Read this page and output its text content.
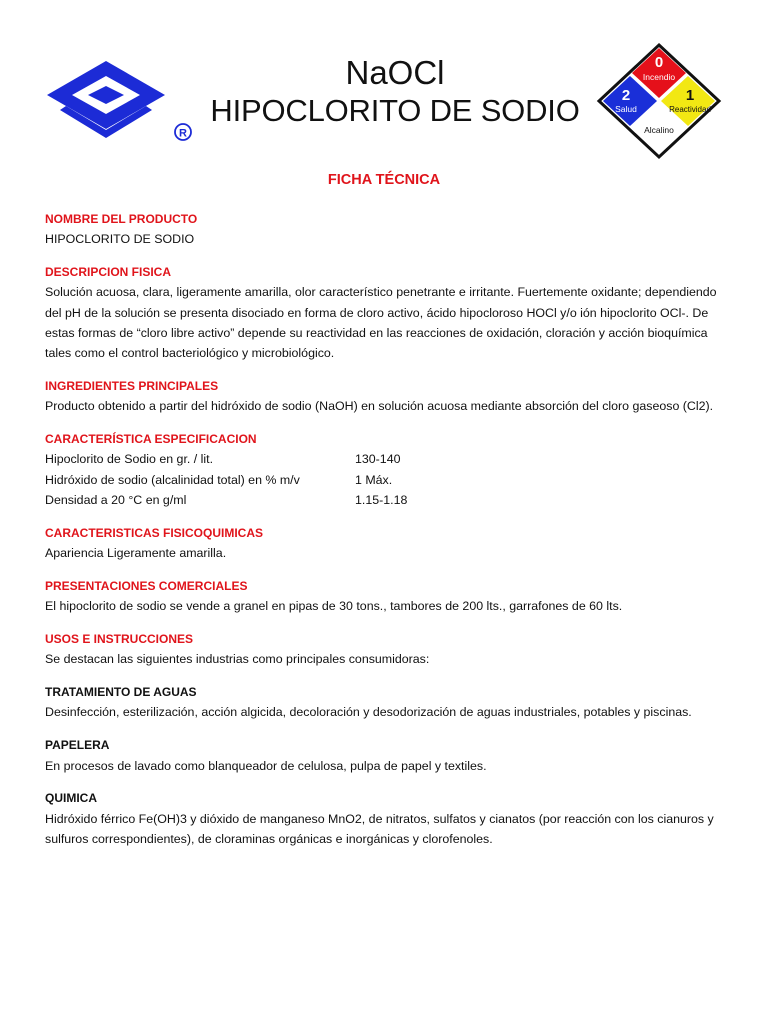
R
NaOCl
HIPOCLORITO DE SODIO
0
Incendio
2
Salud
1
Reactividad
Alcalino
FICHA TÉCNICA
NOMBRE DEL PRODUCTO
HIPOCLORITO DE SODIO
DESCRIPCION FISICA
Solución acuosa, clara, ligeramente amarilla, olor característico penetrante e irritante. Fuertemente oxidante; dependiendo del pH de la solución se presenta disociado en forma de cloro activo, ácido hipocloroso HOCl y/o ión hipoclorito OCl-. De estas formas de “cloro libre activo” depende su reactividad en las reacciones de oxidación, cloración y acción bioquímica tales como el control bacteriológico y microbiológico.
INGREDIENTES PRINCIPALES
Producto obtenido a partir del hidróxido de sodio (NaOH) en solución acuosa mediante absorción del cloro gaseoso (Cl2).
CARACTERÍSTICA ESPECIFICACION
Hipoclorito de Sodio en gr. / lit.	130-140
Hidróxido de sodio (alcalinidad total) en % m/v	1 Máx.
Densidad a 20 °C en g/ml	1.15-1.18
CARACTERISTICAS FISICOQUIMICAS
Apariencia Ligeramente amarilla.
PRESENTACIONES COMERCIALES
El hipoclorito de sodio se vende a granel en pipas de 30 tons., tambores de 200 lts., garrafones de 60 lts.
USOS E INSTRUCCIONES
Se destacan las siguientes industrias como principales consumidoras:
TRATAMIENTO DE AGUAS
Desinfección, esterilización, acción algicida, decoloración y desodorización de aguas industriales, potables y piscinas.
PAPELERA
En procesos de lavado como blanqueador de celulosa, pulpa de papel y textiles.
QUIMICA
Hidróxido férrico Fe(OH)3 y dióxido de manganeso MnO2, de nitratos, sulfatos y cianatos (por reacción con los cianuros y sulfuros correspondientes), de cloraminas orgánicas e inorgánicas y clorofenoles.
